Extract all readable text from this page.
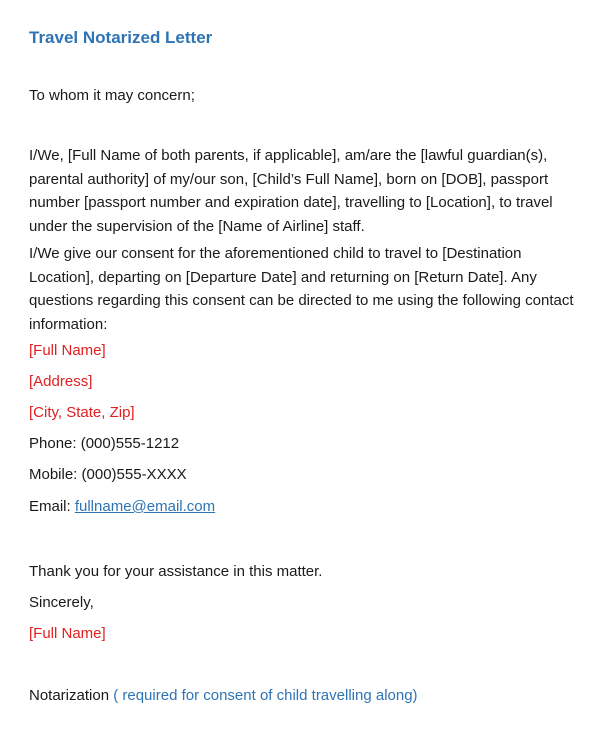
Travel Notarized Letter
To whom it may concern;
I/We, [Full Name of both parents, if applicable], am/are the [lawful guardian(s), parental authority] of my/our son, [Child’s Full Name], born on [DOB], passport number [passport number and expiration date], travelling to [Location], to travel under the supervision of the [Name of Airline] staff.
I/We give our consent for the aforementioned child to travel to [Destination Location], departing on [Departure Date] and returning on [Return Date]. Any questions regarding this consent can be directed to me using the following contact information:
[Full Name]
[Address]
[City, State, Zip]
Phone: (000)555-1212
Mobile: (000)555-XXXX
Email: fullname@email.com
Thank you for your assistance in this matter.
Sincerely,
[Full Name]
Notarization ( required for consent of child travelling along)
